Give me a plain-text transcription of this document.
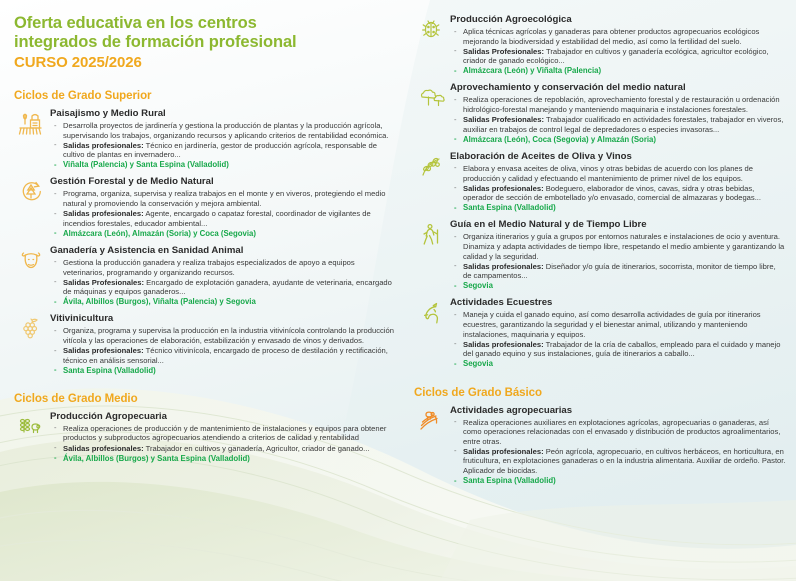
Oferta educativa en los centros
integrados de formación profesional
CURSO 2025/2026
Ciclos de Grado Superior
Paisajismo y Medio Rural
- Desarrolla proyectos de jardinería y gestiona la producción de plantas y la producción agrícola, supervisando los trabajos, organizando recursos y aplicando criterios de rentabilidad económica.
- Salidas profesionales: Técnico en jardinería, gestor de producción agrícola, responsable de cultivo de plantas en invernadero...
- Viñalta (Palencia) y Santa Espina (Valladolid)
Gestión Forestal y de Medio Natural
- Programa, organiza, supervisa y realiza trabajos en el monte y en viveros, protegiendo el medio natural y promoviendo la conservación y mejora ambiental.
- Salidas profesionales: Agente, encargado o capataz forestal, coordinador de vigilantes de incendios forestales, educador ambiental...
- Almázcara (León), Almazán (Soria) y Coca (Segovia)
Ganadería y Asistencia en Sanidad Animal
- Gestiona la producción ganadera y realiza trabajos especializados de apoyo a equipos veterinarios, programando y organizando recursos.
- Salidas Profesionales: Encargado de explotación ganadera, ayudante de veterinaria, encargado de máquinas y equipos ganaderos...
- Ávila, Albillos (Burgos), Viñalta (Palencia) y Segovia
Vitivinicultura
- Organiza, programa y supervisa la producción en la industria vitivinícola controlando la producción vitícola y las operaciones de elaboración, estabilización y envasado de vinos y derivados.
- Salidas profesionales: Técnico vitivinícola, encargado de proceso de destilación y rectificación, técnico en análisis sensorial...
- Santa Espina (Valladolid)
Ciclos de Grado Medio
Producción Agropecuaria
- Realiza operaciones de producción y de mantenimiento de instalaciones y equipos para obtener productos y subproductos agropecuarios atendiendo a criterios de calidad y rentabilidad
- Salidas profesionales: Trabajador en cultivos y ganadería, Agricultor, criador de ganado...
- Ávila, Albillos (Burgos) y Santa Espina (Valladolid)
Producción Agroecológica
- Aplica técnicas agrícolas y ganaderas para obtener productos agropecuarios ecológicos mejorando la biodiversidad y estabilidad del medio, así como la fertilidad del suelo.
- Salidas Profesionales: Trabajador en cultivos y ganadería ecológica, agricultor ecológico, criador de ganado ecológico...
- Almázcara (León) y Viñalta (Palencia)
Aprovechamiento y conservación del medio natural
- Realiza operaciones de repoblación, aprovechamiento forestal y de restauración u ordenación hidrológico-forestal manejando y manteniendo maquinaria e instalaciones forestales.
- Salidas Profesionales: Trabajador cualificado en actividades forestales, trabajador en viveros, auxiliar en trabajos de control legal de depredadores o especies invasoras...
- Almázcara (León), Coca (Segovia) y Almazán (Soria)
Elaboración de Aceites de Oliva y Vinos
- Elabora y envasa aceites de oliva, vinos y otras bebidas de acuerdo con los planes de producción y calidad y efectuando el mantenimiento de primer nivel de los equipos.
- Salidas profesionales: Bodeguero, elaborador de vinos, cavas, sidra y otras bebidas, operador de sección de embotellado y/o envasado, comercial de almazaras y bodegas...
- Santa Espina (Valladolid)
Guía en el Medio Natural y de Tiempo Libre
- Organiza itinerarios y guía a grupos por entornos naturales e instalaciones de ocio y aventura. Dinamiza y adapta actividades de tiempo libre, respetando el medio ambiente y garantizando la calidad y la seguridad.
- Salidas profesionales: Diseñador y/o guía de itinerarios, socorrista, monitor de tiempo libre, de campamentos...
- Segovia
Actividades Ecuestres
- Maneja y cuida el ganado equino, así como desarrolla actividades de guía por itinerarios ecuestres, garantizando la seguridad y el bienestar animal, utilizando y manteniendo instalaciones, maquinaria y equipos.
- Salidas profesionales: Trabajador de la cría de caballos, empleado para el cuidado y manejo del ganado equino y sus instalaciones, guía de itinerarios a caballo...
- Segovia
Ciclos de Grado Básico
Actividades agropecuarias
- Realiza operaciones auxiliares en explotaciones agrícolas, agropecuarias o ganaderas, así como operaciones relacionadas con el envasado y distribución de productos agroalimentarios, entre otras.
- Salidas profesionales: Peón agrícola, agropecuario, en cultivos herbáceos, en horticultura, en fruticultura, en explotaciones ganaderas o en la industria alimentaria. Auxiliar de ordeño. Pastor. Aplicador de biocidas.
- Santa Espina (Valladolid)
